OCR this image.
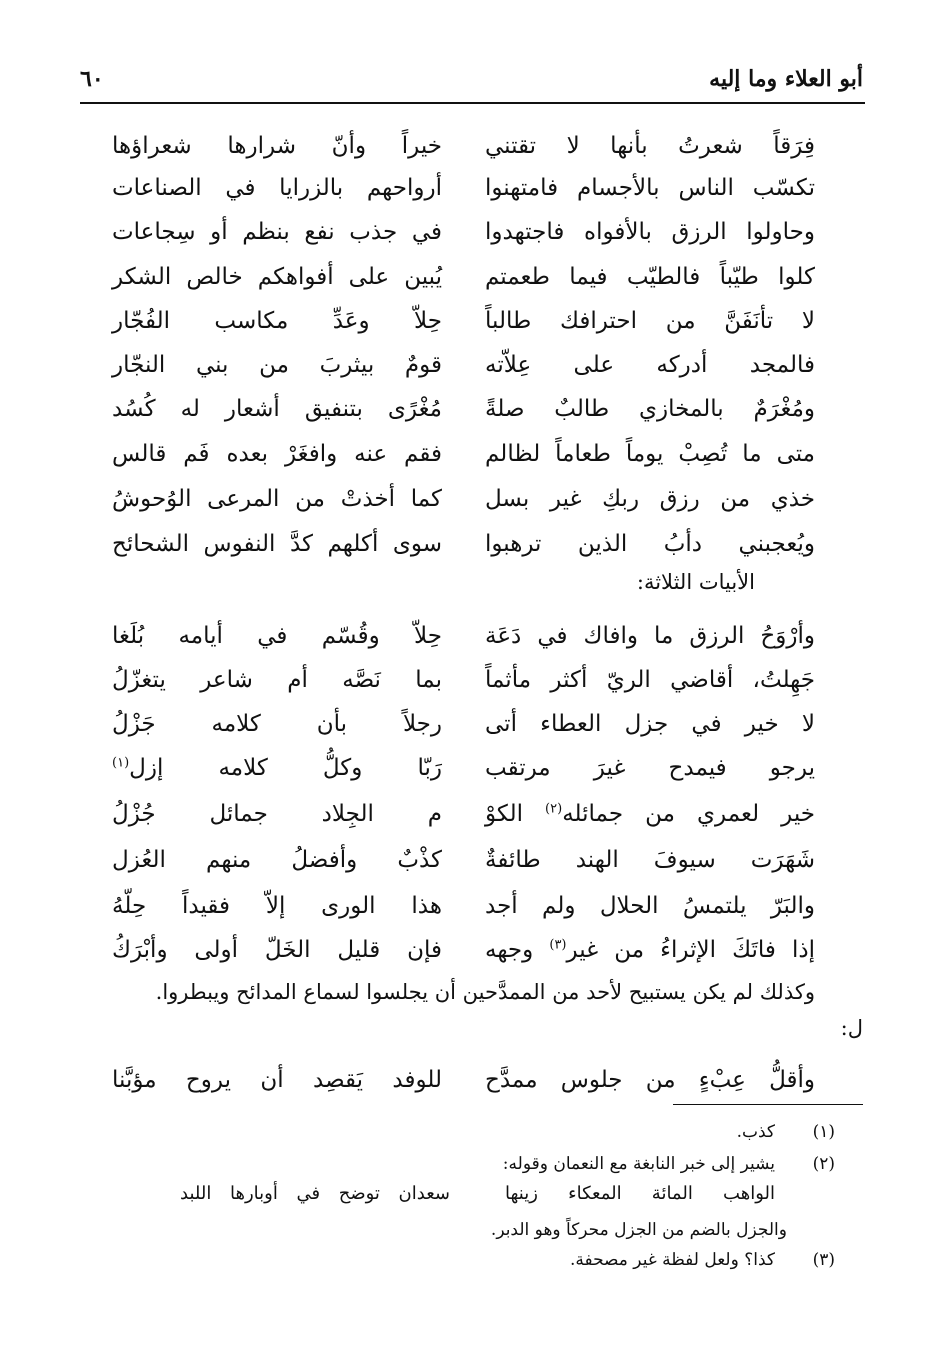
أبو العلاء وما إليه
٦٠
فِرَقاً شعرتُ بأنها لا تقتني
خيراً وأنّ شرارها شعراؤها
تكسّب الناس بالأجسام فامتهنوا
أرواحهم بالزرايا في الصناعات
وحاولوا الرزق بالأفواه فاجتهدوا
في جذب نفع بنظم أو سِجاعات
كلوا طيّباً فالطيّب فيما طعمتم
يُبين على أفواهكم خالص الشكر
لا تأنَفَنَّ من احترافك طالباً
حِلاّ وعَدِّ مكاسب الفُجّار
فالمجد أدركه على عِلاّته
قومٌ بيثربَ من بني النجّار
ومُغْرَمٌ بالمخازي طالبٌ صلةً
مُغْرًى بتنفيق أشعار له كُسُد
متى ما تُصِبْ يوماً طعاماً لظالم
فقم عنه وافغَرْ بعده فَم قالس
خذي من رزق ربكِ غير بسل
كما أخذتْ من المرعى الوُحوشُ
ويُعجبني دأبُ الذين ترهبوا
سوى أكلهم كدَّ النفوس الشحائح
الأبيات الثلاثة:
وأرْوَحُ الرزق ما وافاك في دَعَة
حِلاّ وقُسّم في أيامه بُلَغا
جَهِلتُ، أقاضي الريّ أكثر مأثماً
بما نَصَّه أم شاعر يتغزّلُ
لا خير في جزل العطاء أتى
رجلاً بأن كلامه جَزْلُ
يرجو فيمدح غيرَ مرتقب
رَبّا وكلُّ كلامه إزل$^{(١)}$
خير لعمري من جمائله$^{(٢)}$ الكوْ
م الجِلاد جمائل جُزْلُ
شَهَرَت سيوفَ الهند طائفةٌ
كذْبٌ وأفضلُ منهم العُزل
والبَرّ يلتمسُ الحلال ولم أجد
هذا الورى إلاّ فقيداً حِلّهُ
إذا فاتَكَ الإثراءُ من غير$^{(٣)}$ وجهه
فإن قليل الخَلّ أولى وأبْرَكُ
وكذلك لم يكن يستبيح لأحد من الممدَّحين أن يجلسوا لسماع المدائح ويبطروا.
ل:
وأقلُّ عِبْءٍ من جلوس ممدَّح
للوفد يَقصِد أن يروح مؤبَّنا
(١)
كذب.
(٢)
يشير إلى خبر النابغة مع النعمان وقوله:
الواهب المائة المعكاء زينها
سعدان توضح في أوبارها اللبد
والجزل بالضم من الجزل محركاً وهو الدبر.
(٣)
كذا؟ ولعل لفظة غير مصحفة.
